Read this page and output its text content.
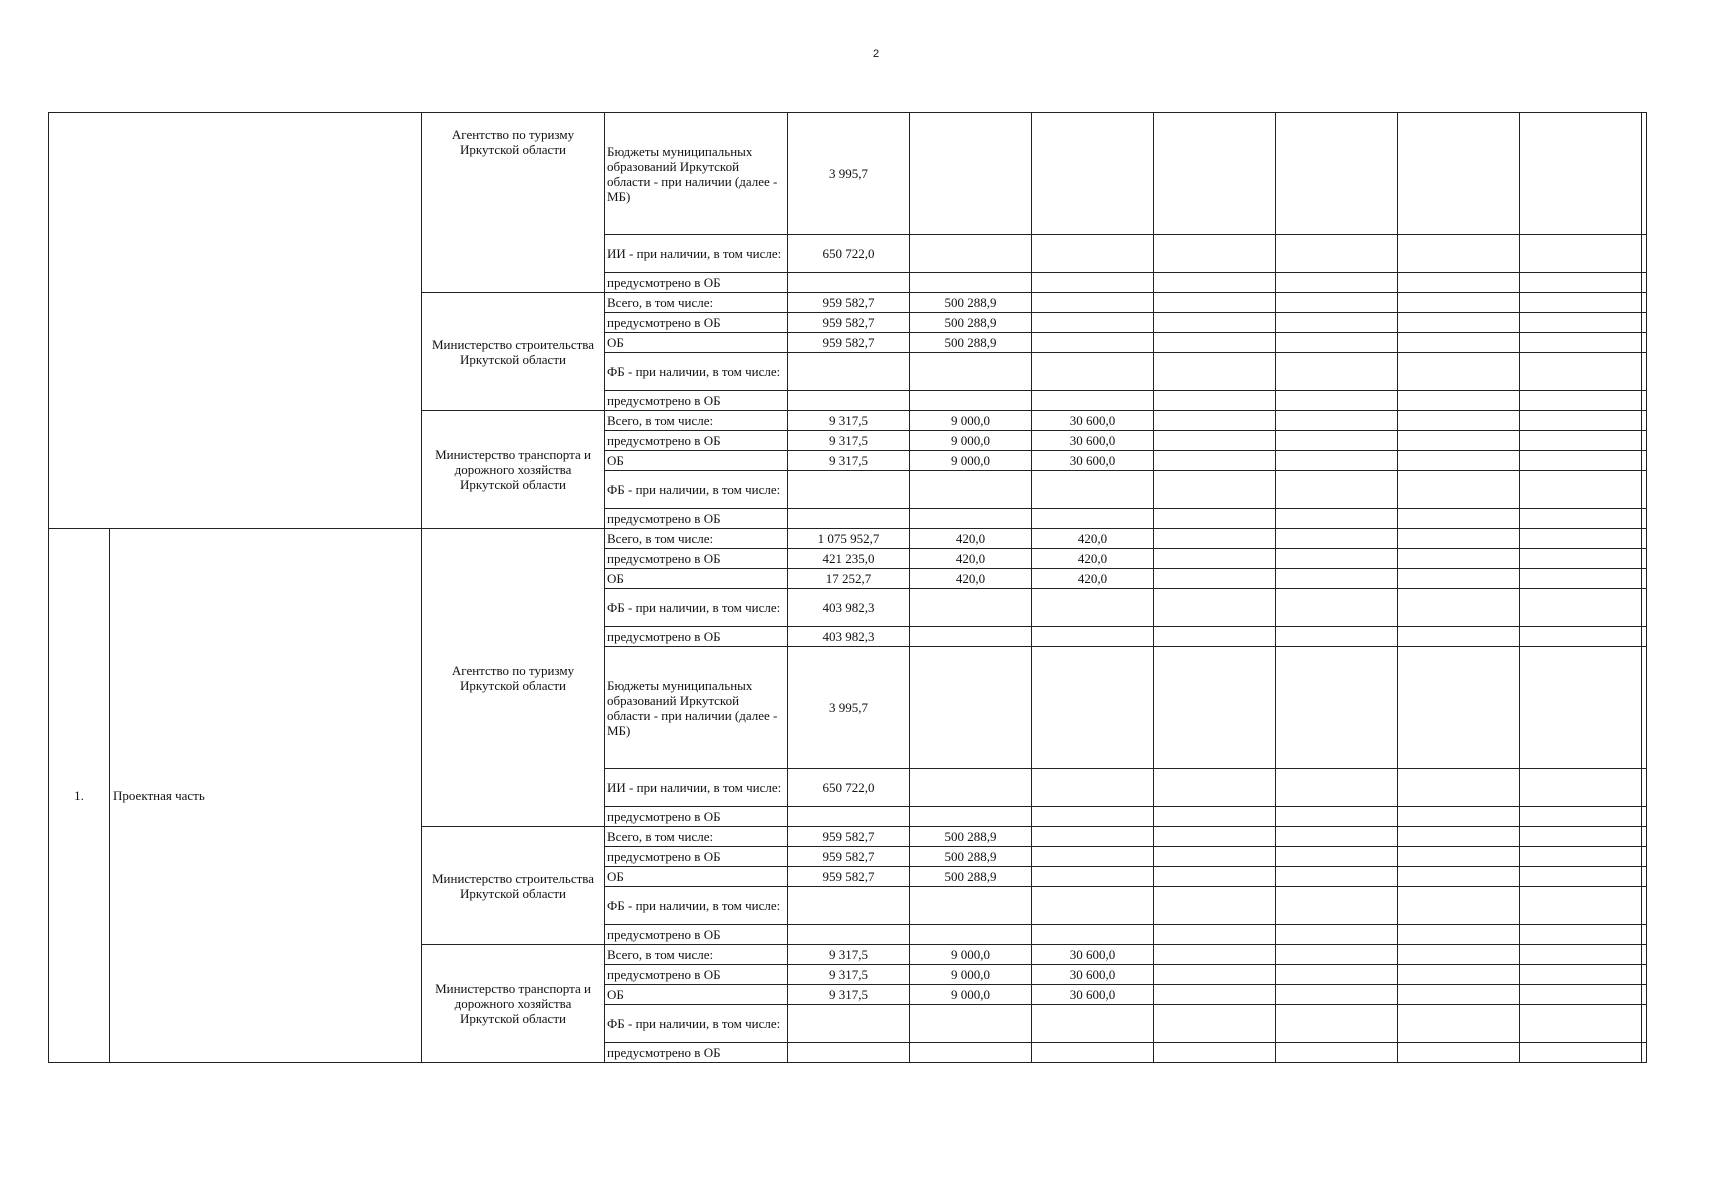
2
		Агентство по туризму Иркутской области	Бюджеты муниципальных образований Иркутской области - при наличии (далее - МБ)	3 995,7							
			ИИ - при наличии, в том числе:	650 722,0							
			предусмотрено в ОБ								
		Министерство строительства Иркутской области	Всего, в том числе:	959 582,7	500 288,9						
			предусмотрено в ОБ	959 582,7	500 288,9						
			ОБ	959 582,7	500 288,9						
			ФБ - при наличии, в том числе:								
			предусмотрено в ОБ								
		Министерство транспорта и дорожного хозяйства Иркутской области	Всего, в том числе:	9 317,5	9 000,0	30 600,0					
			предусмотрено в ОБ	9 317,5	9 000,0	30 600,0					
			ОБ	9 317,5	9 000,0	30 600,0					
			ФБ - при наличии, в том числе:								
			предусмотрено в ОБ								
1.	Проектная часть	Агентство по туризму Иркутской области	Всего, в том числе:	1 075 952,7	420,0	420,0					
			предусмотрено в ОБ	421 235,0	420,0	420,0					
			ОБ	17 252,7	420,0	420,0					
			ФБ - при наличии, в том числе:	403 982,3							
			предусмотрено в ОБ	403 982,3							
			Бюджеты муниципальных образований Иркутской области - при наличии (далее - МБ)	3 995,7							
			ИИ - при наличии, в том числе:	650 722,0							
			предусмотрено в ОБ								
		Министерство строительства Иркутской области	Всего, в том числе:	959 582,7	500 288,9						
			предусмотрено в ОБ	959 582,7	500 288,9						
			ОБ	959 582,7	500 288,9						
			ФБ - при наличии, в том числе:								
			предусмотрено в ОБ								
		Министерство транспорта и дорожного хозяйства Иркутской области	Всего, в том числе:	9 317,5	9 000,0	30 600,0					
			предусмотрено в ОБ	9 317,5	9 000,0	30 600,0					
			ОБ	9 317,5	9 000,0	30 600,0					
			ФБ - при наличии, в том числе:								
			предусмотрено в ОБ								
